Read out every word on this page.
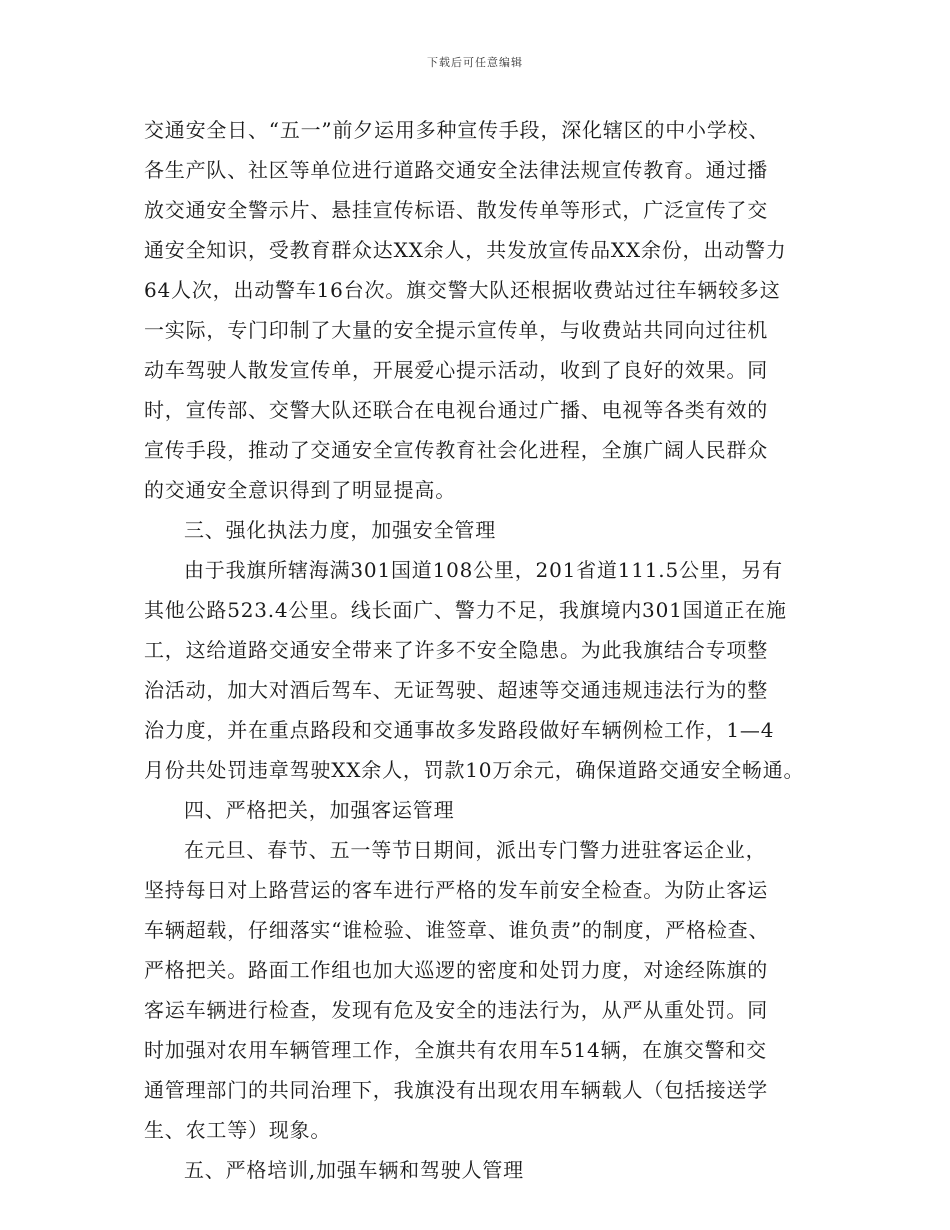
下载后可任意编辑
交通安全日、“五一”前夕运用多种宣传手段，深化辖区的中小学校、
各生产队、社区等单位进行道路交通安全法律法规宣传教育。通过播
放交通安全警示片、悬挂宣传标语、散发传单等形式，广泛宣传了交
通安全知识，受教育群众达XX余人，共发放宣传品XX余份，出动警力
64人次，出动警车16台次。旗交警大队还根据收费站过往车辆较多这
一实际，专门印制了大量的安全提示宣传单，与收费站共同向过往机
动车驾驶人散发宣传单，开展爱心提示活动，收到了良好的效果。同
时，宣传部、交警大队还联合在电视台通过广播、电视等各类有效的
宣传手段，推动了交通安全宣传教育社会化进程，全旗广阔人民群众
的交通安全意识得到了明显提高。
三、强化执法力度，加强安全管理
由于我旗所辖海满301国道108公里，201省道111.5公里，另有
其他公路523.4公里。线长面广、警力不足，我旗境内301国道正在施
工，这给道路交通安全带来了许多不安全隐患。为此我旗结合专项整
治活动，加大对酒后驾车、无证驾驶、超速等交通违规违法行为的整
治力度，并在重点路段和交通事故多发路段做好车辆例检工作，1—4
月份共处罚违章驾驶XX余人，罚款10万余元，确保道路交通安全畅通。
四、严格把关，加强客运管理
在元旦、春节、五一等节日期间，派出专门警力进驻客运企业，
坚持每日对上路营运的客车进行严格的发车前安全检查。为防止客运
车辆超载，仔细落实“谁检验、谁签章、谁负责”的制度，严格检查、
严格把关。路面工作组也加大巡逻的密度和处罚力度，对途经陈旗的
客运车辆进行检查，发现有危及安全的违法行为，从严从重处罚。同
时加强对农用车辆管理工作，全旗共有农用车514辆，在旗交警和交
通管理部门的共同治理下，我旗没有出现农用车辆载人（包括接送学
生、农工等）现象。
五、严格培训,加强车辆和驾驶人管理
